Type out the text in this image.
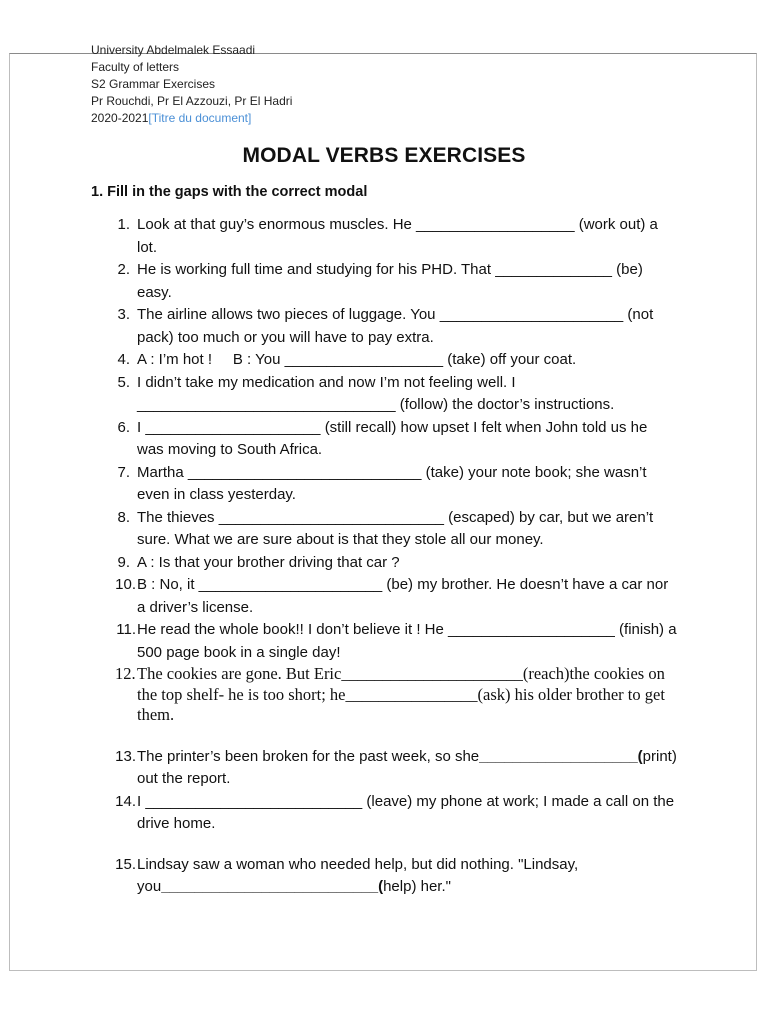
University Abdelmalek Essaadi
Faculty of letters
S2 Grammar Exercises
Pr Rouchdi, Pr El Azzouzi, Pr El Hadri
2020-2021[Titre du document]
MODAL VERBS EXERCISES
1. Fill in the gaps with the correct modal
1. Look at that guy’s enormous muscles. He ___________________ (work out) a lot.
2. He is working full time and studying for his PHD. That ______________ (be) easy.
3. The airline allows two pieces of luggage. You ______________________ (not pack) too much or you will have to pay extra.
4. A : I’m hot !     B : You ___________________ (take) off your coat.
5. I didn’t take my medication and now I’m not feeling well. I _______________________________ (follow) the doctor’s instructions.
6. I _____________________ (still recall) how upset I felt when John told us he was moving to South Africa.
7. Martha ____________________________ (take) your note book; she wasn’t even in class yesterday.
8. The thieves ___________________________ (escaped) by car, but we aren’t sure. What we are sure about is that they stole all our money.
9. A : Is that your brother driving that car ?
10. B : No, it ______________________ (be) my brother. He doesn’t have a car nor a driver’s license.
11. He read the whole book!! I don’t believe it ! He ____________________ (finish) a 500 page book in a single day!
12. The cookies are gone. But Eric______________________(reach)the cookies on the top shelf- he is too short; he________________(ask) his older brother to get them.
13. The printer’s been broken for the past week, so she___________________(print) out the report.
14. I __________________________ (leave) my phone at work; I made a call on the drive home.
15. Lindsay saw a woman who needed help, but did nothing. "Lindsay, you__________________________(help) her."
